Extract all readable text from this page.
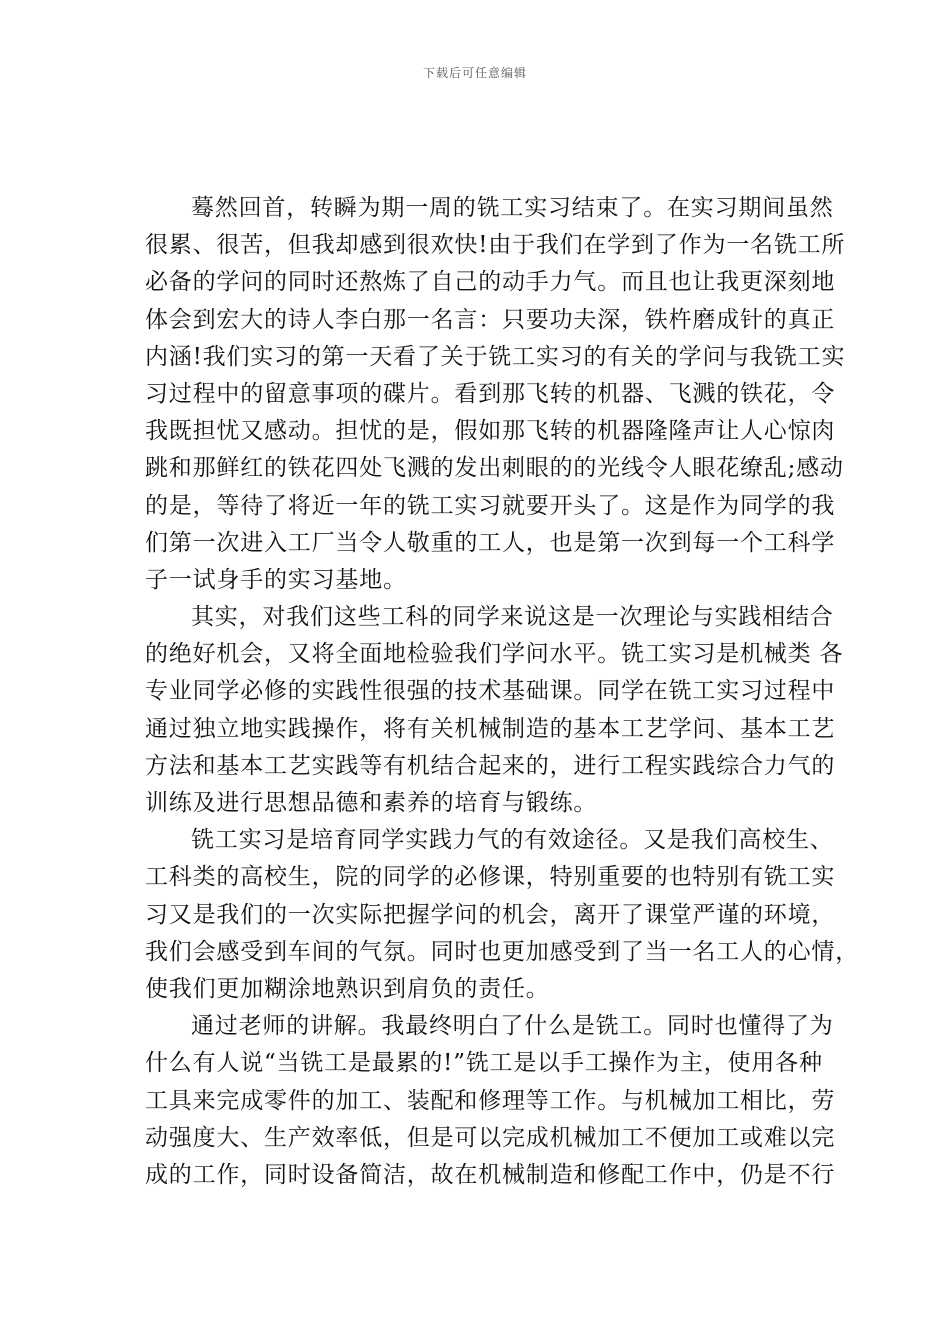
下载后可任意编辑
蓦然回首，转瞬为期一周的铣工实习结束了。在实习期间虽然
很累、很苦，但我却感到很欢快!由于我们在学到了作为一名铣工所
必备的学问的同时还熬炼了自己的动手力气。而且也让我更深刻地
体会到宏大的诗人李白那一名言：只要功夫深，铁杵磨成针的真正
内涵!我们实习的第一天看了关于铣工实习的有关的学问与我铣工实
习过程中的留意事项的碟片。看到那飞转的机器、飞溅的铁花，令
我既担忧又感动。担忧的是，假如那飞转的机器隆隆声让人心惊肉
跳和那鲜红的铁花四处飞溅的发出刺眼的的光线令人眼花缭乱;感动
的是，等待了将近一年的铣工实习就要开头了。这是作为同学的我
们第一次进入工厂当令人敬重的工人，也是第一次到每一个工科学
子一试身手的实习基地。
其实，对我们这些工科的同学来说这是一次理论与实践相结合
的绝好机会，又将全面地检验我们学问水平。铣工实习是机械类 各
专业同学必修的实践性很强的技术基础课。同学在铣工实习过程中
通过独立地实践操作，将有关机械制造的基本工艺学问、基本工艺
方法和基本工艺实践等有机结合起来的，进行工程实践综合力气的
训练及进行思想品德和素养的培育与锻练。
铣工实习是培育同学实践力气的有效途径。又是我们高校生、
工科类的高校生，院的同学的必修课，特别重要的也特别有铣工实
习又是我们的一次实际把握学问的机会，离开了课堂严谨的环境，
我们会感受到车间的气氛。同时也更加感受到了当一名工人的心情，
使我们更加糊涂地熟识到肩负的责任。
通过老师的讲解。我最终明白了什么是铣工。同时也懂得了为
什么有人说“当铣工是最累的!”铣工是以手工操作为主，使用各种
工具来完成零件的加工、装配和修理等工作。与机械加工相比，劳
动强度大、生产效率低，但是可以完成机械加工不便加工或难以完
成的工作，同时设备简洁，故在机械制造和修配工作中，仍是不行
